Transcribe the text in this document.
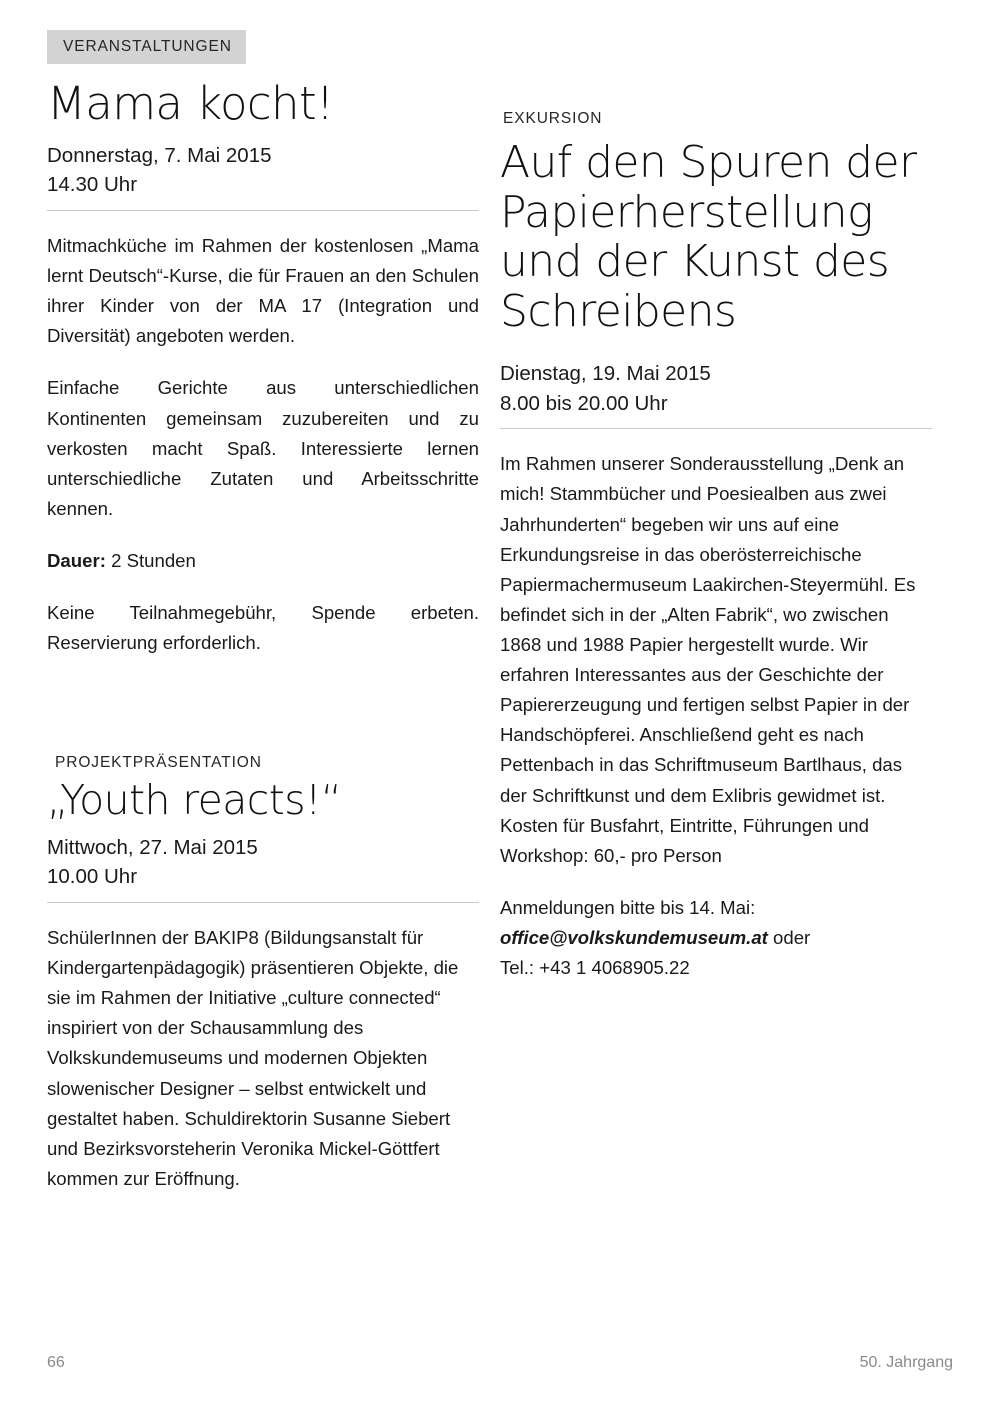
VERANSTALTUNGEN
Mama kocht!
Donnerstag, 7. Mai 2015
14.30 Uhr

Mitmachküche im Rahmen der kostenlosen „Mama lernt Deutsch“-Kurse, die für Frauen an den Schulen ihrer Kinder von der MA 17 (Integration und Diversität) angeboten werden.

Einfache Gerichte aus unterschiedlichen Kontinenten gemeinsam zuzubereiten und zu verkosten macht Spaß. Interessierte lernen unterschiedliche Zutaten und Arbeitsschritte kennen.

Dauer: 2 Stunden

Keine Teilnahmegebühr, Spende erbeten. Reservierung erforderlich.

PROJEKTPRÄSENTATION
„Youth reacts!“
Mittwoch, 27. Mai 2015
10.00 Uhr

SchülerInnen der BAKIP8 (Bildungsanstalt für Kindergartenpädagogik) präsentieren Objekte, die sie im Rahmen der Initiative „culture connected“ inspiriert von der Schausammlung des Volkskundemuseums und modernen Objekten slowenischer Designer – selbst entwickelt und gestaltet haben. Schuldirektorin Susanne Siebert und Bezirksvorsteherin Veronika Mickel-Göttfert kommen zur Eröffnung.

EXKURSION
Auf den Spuren der Papierherstellung und der Kunst des Schreibens
Dienstag, 19. Mai 2015
8.00 bis 20.00 Uhr

Im Rahmen unserer Sonderausstellung „Denk an mich! Stammbücher und Poesiealben aus zwei Jahrhunderten“ begeben wir uns auf eine Erkundungsreise in das oberösterreichische Papiermachermuseum Laakirchen-Steyermühl. Es befindet sich in der „Alten Fabrik“, wo zwischen 1868 und 1988 Papier hergestellt wurde. Wir erfahren Interessantes aus der Geschichte der Papiererzeugung und fertigen selbst Papier in der Handschöpferei. Anschließend geht es nach Pettenbach in das Schriftmuseum Bartlhaus, das der Schriftkunst und dem Exlibris gewidmet ist. Kosten für Busfahrt, Eintritte, Führungen und Workshop: 60,- pro Person

Anmeldungen bitte bis 14. Mai:
office@volkskundemuseum.at oder
Tel.: +43 1 4068905.22

66	50. Jahrgang
